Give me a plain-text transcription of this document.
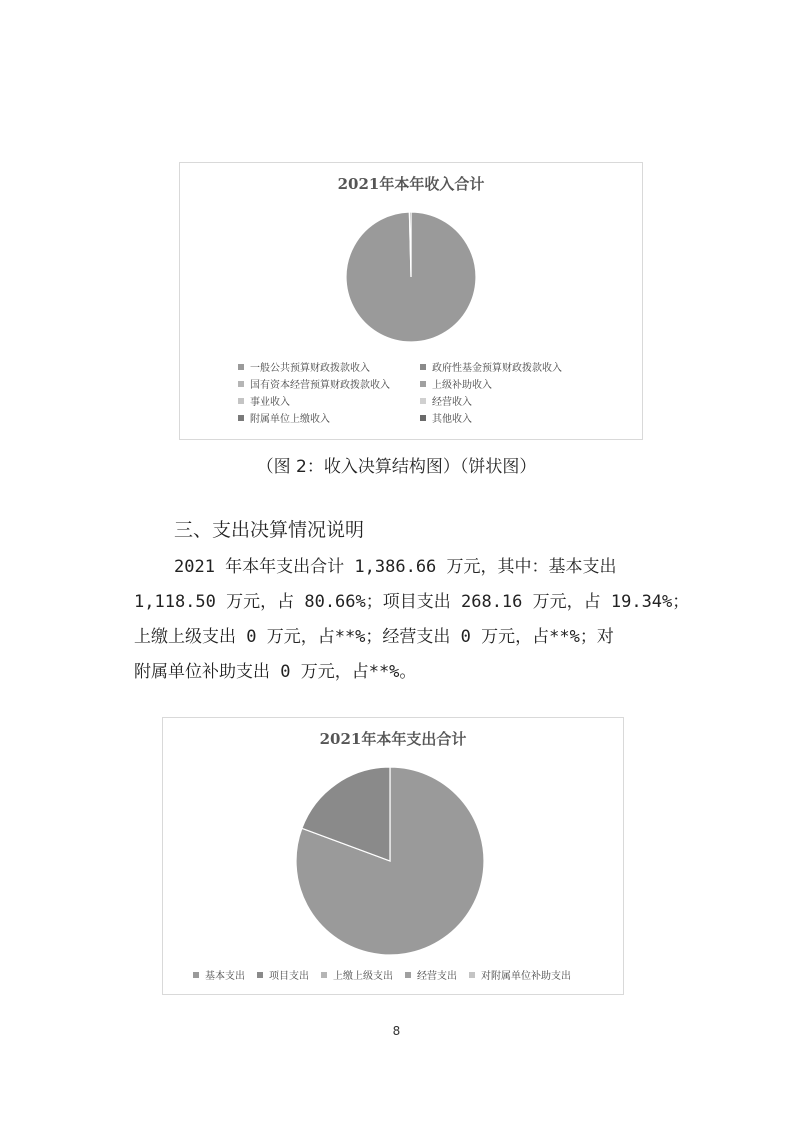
2021年本年收入合计
一般公共预算财政拨款收入	政府性基金预算财政拨款收入
国有资本经营预算财政拨款收入	上级补助收入
事业收入	经营收入
附属单位上缴收入	其他收入
（图 2：收入决算结构图）（饼状图）
三、支出决算情况说明
2021 年本年支出合计 1,386.66 万元，其中：基本支出
1,118.50 万元，占 80.66%；项目支出 268.16 万元，占 19.34%；
上缴上级支出 0 万元，占**%；经营支出 0 万元，占**%；对
附属单位补助支出 0 万元，占**%。
2021年本年支出合计
基本支出 项目支出 上缴上级支出 经营支出 对附属单位补助支出
8
